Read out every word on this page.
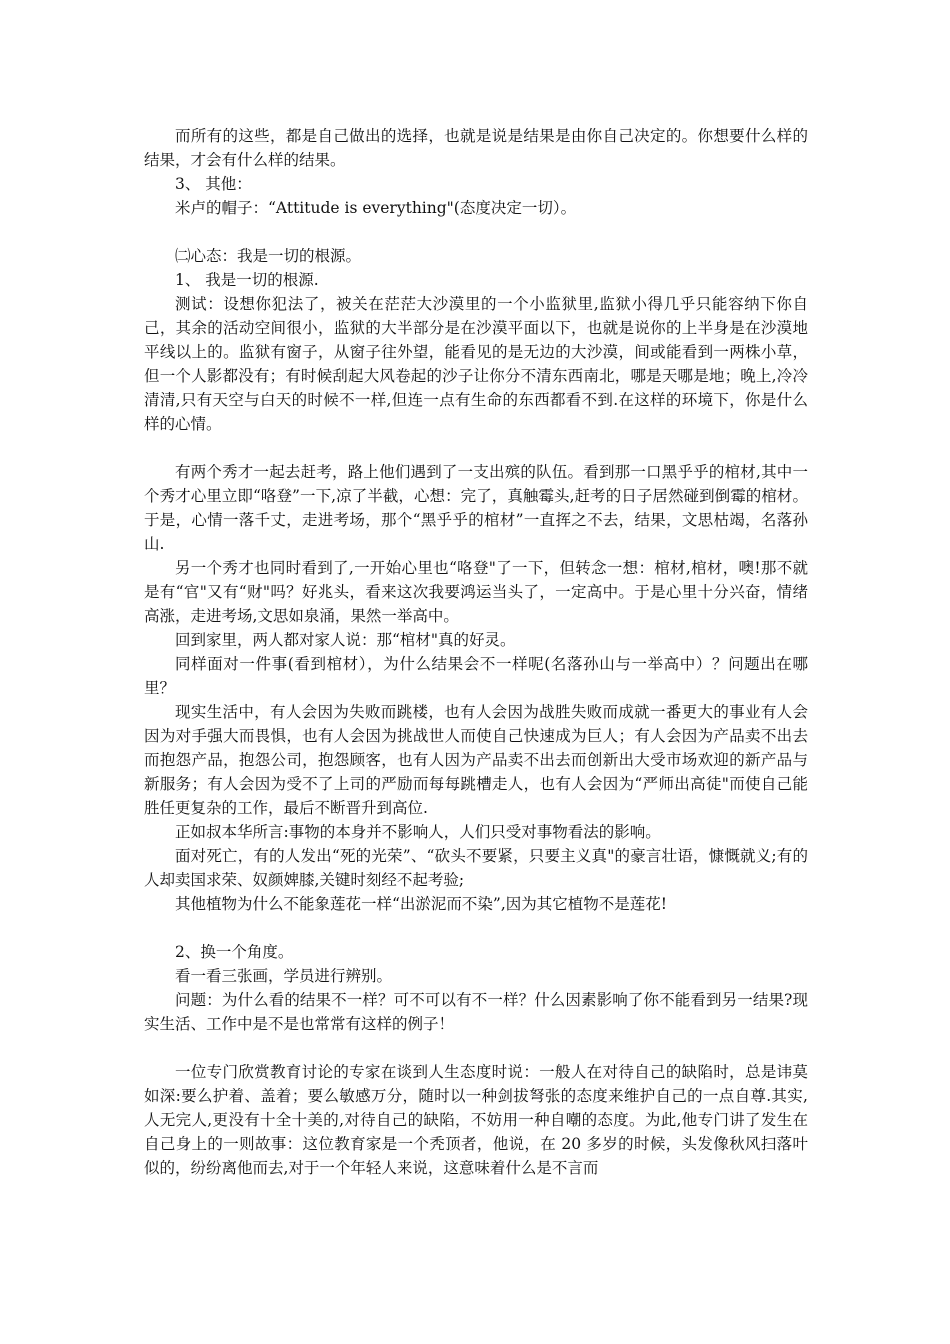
而所有的这些，都是自己做出的选择，也就是说是结果是由你自己决定的。你想要什么样的结果，才会有什么样的结果。

3、 其他：

米卢的帽子：“Attitude is everything"(态度决定一切）。

㈡心态：我是一切的根源。

1、 我是一切的根源.

测试：设想你犯法了，被关在茫茫大沙漠里的一个小监狱里,监狱小得几乎只能容纳下你自己，其余的活动空间很小，监狱的大半部分是在沙漠平面以下，也就是说你的上半身是在沙漠地平线以上的。监狱有窗子，从窗子往外望，能看见的是无边的大沙漠，间或能看到一两株小草，但一个人影都没有；有时候刮起大风卷起的沙子让你分不清东西南北，哪是天哪是地；晚上,冷冷清清,只有天空与白天的时候不一样,但连一点有生命的东西都看不到.在这样的环境下，你是什么样的心情。

有两个秀才一起去赶考，路上他们遇到了一支出殡的队伍。看到那一口黑乎乎的棺材,其中一个秀才心里立即“咯登”一下,凉了半截，心想：完了，真触霉头,赶考的日子居然碰到倒霉的棺材。于是，心情一落千丈，走进考场，那个“黑乎乎的棺材”一直挥之不去，结果，文思枯竭，名落孙山.

另一个秀才也同时看到了,一开始心里也“咯登"了一下，但转念一想：棺材,棺材，噢!那不就是有“官"又有“财"吗？好兆头，看来这次我要鸿运当头了，一定高中。于是心里十分兴奋，情绪高涨，走进考场,文思如泉涌，果然一举高中。

回到家里，两人都对家人说：那“棺材"真的好灵。

同样面对一件事(看到棺材），为什么结果会不一样呢(名落孙山与一举高中）？问题出在哪里？

现实生活中，有人会因为失败而跳楼，也有人会因为战胜失败而成就一番更大的事业有人会因为对手强大而畏惧，也有人会因为挑战世人而使自己快速成为巨人；有人会因为产品卖不出去而抱怨产品，抱怨公司，抱怨顾客，也有人因为产品卖不出去而创新出大受市场欢迎的新产品与新服务；有人会因为受不了上司的严励而每每跳槽走人，也有人会因为“严师出高徒"而使自己能胜任更复杂的工作，最后不断晋升到高位.

正如叔本华所言:事物的本身并不影响人，人们只受对事物看法的影响。

面对死亡，有的人发出“死的光荣”、“砍头不要紧，只要主义真"的豪言壮语，慷慨就义;有的人却卖国求荣、奴颜婢膝,关键时刻经不起考验;

其他植物为什么不能象莲花一样“出淤泥而不染”,因为其它植物不是莲花!

2、换一个角度。

看一看三张画，学员进行辨别。

问题：为什么看的结果不一样？可不可以有不一样？什么因素影响了你不能看到另一结果?现实生活、工作中是不是也常常有这样的例子！

一位专门欣赏教育讨论的专家在谈到人生态度时说：一般人在对待自己的缺陷时，总是讳莫如深:要么护着、盖着；要么敏感万分，随时以一种剑拔弩张的态度来维护自己的一点自尊.其实,人无完人,更没有十全十美的,对待自己的缺陷，不妨用一种自嘲的态度。为此,他专门讲了发生在自己身上的一则故事：这位教育家是一个秃顶者，他说，在 20 多岁的时候，头发像秋风扫落叶似的，纷纷离他而去,对于一个年轻人来说，这意味着什么是不言而
